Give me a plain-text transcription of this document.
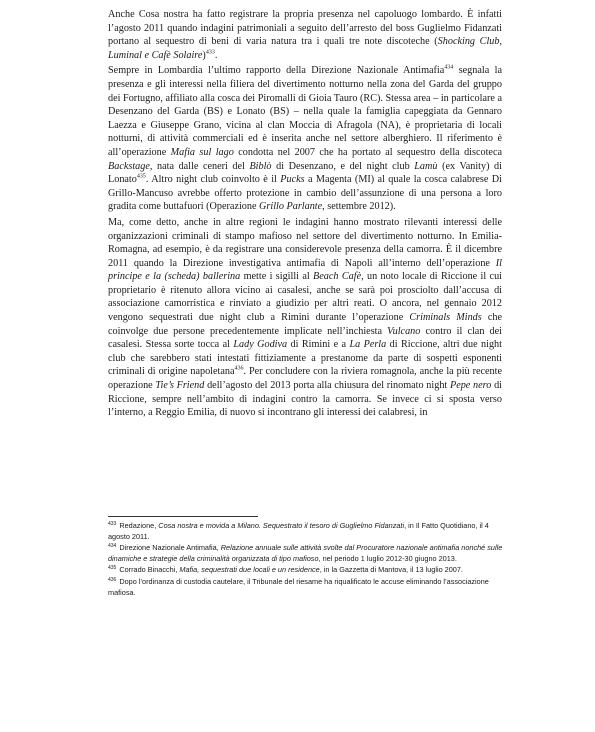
Anche Cosa nostra ha fatto registrare la propria presenza nel capoluogo lombardo. È infatti l’agosto 2011 quando indagini patrimoniali a seguito dell’arresto del boss Guglielmo Fidanzati portano al sequestro di beni di varia natura tra i quali tre note discoteche (Shocking Club, Luminal e Cafè Solaire)$^{433}$.

Sempre in Lombardia l’ultimo rapporto della Direzione Nazionale Antimafia$^{434}$ segnala la presenza e gli interessi nella filiera del divertimento notturno nella zona del Garda del gruppo dei Fortugno, affiliato alla cosca dei Piromalli di Gioia Tauro (RC). Stessa area – in particolare a Desenzano del Garda (BS) e Lonato (BS) – nella quale la famiglia capeggiata da Gennaro Laezza e Giuseppe Grano, vicina al clan Moccia di Afragola (NA), è proprietaria di locali notturni, di attività commerciali ed è inserita anche nel settore alberghiero. Il riferimento è all’operazione Mafia sul lago condotta nel 2007 che ha portato al sequestro della discoteca Backstage, nata dalle ceneri del Biblò di Desenzano, e del night club Lamù (ex Vanity) di Lonato$^{435}$. Altro night club coinvolto è il Pucks a Magenta (MI) al quale la cosca calabrese Di Grillo-Mancuso avrebbe offerto protezione in cambio dell’assunzione di una persona a loro gradita come buttafuori (Operazione Grillo Parlante, settembre 2012).

Ma, come detto, anche in altre regioni le indagini hanno mostrato rilevanti interessi delle organizzazioni criminali di stampo mafioso nel settore del divertimento notturno. In Emilia-Romagna, ad esempio, è da registrare una considerevole presenza della camorra. È il dicembre 2011 quando la Direzione investigativa antimafia di Napoli all’interno dell’operazione Il principe e la (scheda) ballerina mette i sigilli al Beach Cafè, un noto locale di Riccione il cui proprietario è ritenuto allora vicino ai casalesi, anche se sarà poi prosciolto dall’accusa di associazione camorristica e rinviato a giudizio per altri reati. O ancora, nel gennaio 2012 vengono sequestrati due night club a Rimini durante l’operazione Criminals Minds che coinvolge due persone precedentemente implicate nell’inchiesta Vulcano contro il clan dei casalesi. Stessa sorte tocca al Lady Godiva di Rimini e a La Perla di Riccione, altri due night club che sarebbero stati intestati fittiziamente a prestanome da parte di sospetti esponenti criminali di origine napoletana$^{436}$. Per concludere con la riviera romagnola, anche la più recente operazione Tie’s Friend dell’agosto del 2013 porta alla chiusura del rinomato night Pepe nero di Riccione, sempre nell’ambito di indagini contro la camorra. Se invece ci si sposta verso l’interno, a Reggio Emilia, di nuovo si incontrano gli interessi dei calabresi, in

$^{433}$ Redazione, Cosa nostra e movida a Milano. Sequestrato il tesoro di Guglielmo Fidanzati, in Il Fatto Quotidiano, il 4 agosto 2011.
$^{434}$ Direzione Nazionale Antimafia, Relazione annuale sulle attività svolte dal Procuratore nazionale antimafia nonché sulle dinamiche e strategie della criminalità organizzata di tipo mafioso, nel periodo 1 luglio 2012-30 giugno 2013.
$^{435}$ Corrado Binacchi, Mafia, sequestrati due locali e un residence, in la Gazzetta di Mantova, il 13 luglio 2007.
$^{436}$ Dopo l’ordinanza di custodia cautelare, il Tribunale del riesame ha riqualificato le accuse eliminando l’associazione mafiosa.
